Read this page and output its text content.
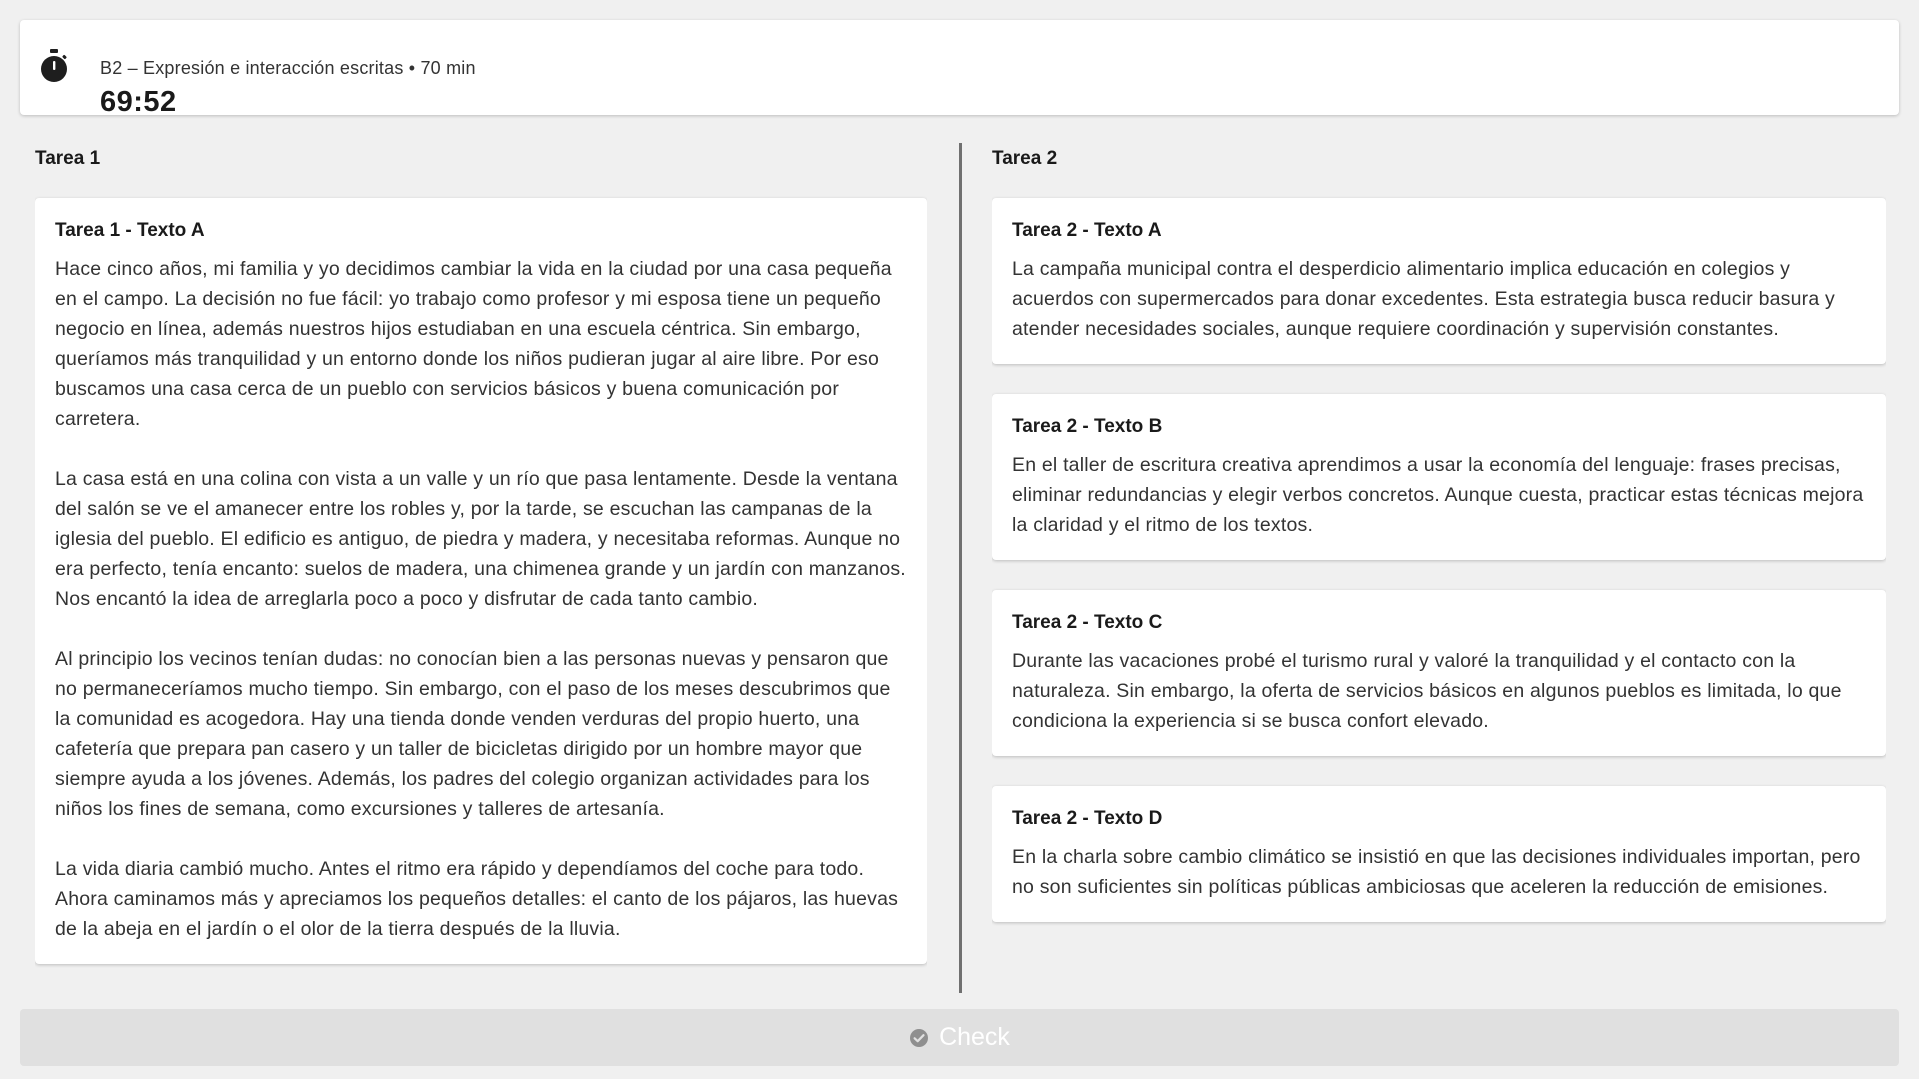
B2 – Expresión e interacción escritas • 70 min
69:52
Tarea 1
Tarea 1 - Texto A

Hace cinco años, mi familia y yo decidimos cambiar la vida en la ciudad por una casa pequeña en el campo. La decisión no fue fácil: yo trabajo como profesor y mi esposa tiene un pequeño negocio en línea, además nuestros hijos estudiaban en una escuela céntrica. Sin embargo, queríamos más tranquilidad y un entorno donde los niños pudieran jugar al aire libre. Por eso buscamos una casa cerca de un pueblo con servicios básicos y buena comunicación por carretera.

La casa está en una colina con vista a un valle y un río que pasa lentamente. Desde la ventana del salón se ve el amanecer entre los robles y, por la tarde, se escuchan las campanas de la iglesia del pueblo. El edificio es antiguo, de piedra y madera, y necesitaba reformas. Aunque no era perfecto, tenía encanto: suelos de madera, una chimenea grande y un jardín con manzanos. Nos encantó la idea de arreglarla poco a poco y disfrutar de cada tanto cambio.

Al principio los vecinos tenían dudas: no conocían bien a las personas nuevas y pensaron que no permaneceríamos mucho tiempo. Sin embargo, con el paso de los meses descubrimos que la comunidad es acogedora. Hay una tienda donde venden verduras del propio huerto, una cafetería que prepara pan casero y un taller de bicicletas dirigido por un hombre mayor que siempre ayuda a los jóvenes. Además, los padres del colegio organizan actividades para los niños los fines de semana, como excursiones y talleres de artesanía.

La vida diaria cambió mucho. Antes el ritmo era rápido y dependíamos del coche para todo. Ahora caminamos más y apreciamos los pequeños detalles: el canto de los pájaros, las huevas de la abeja en el jardín o el olor de la tierra después de la lluvia.

Tarea 2
Tarea 2 - Texto A

La campaña municipal contra el desperdicio alimentario implica educación en colegios y acuerdos con supermercados para donar excedentes. Esta estrategia busca reducir basura y atender necesidades sociales, aunque requiere coordinación y supervisión constantes.

Tarea 2 - Texto B

En el taller de escritura creativa aprendimos a usar la economía del lenguaje: frases precisas, eliminar redundancias y elegir verbos concretos. Aunque cuesta, practicar estas técnicas mejora la claridad y el ritmo de los textos.

Tarea 2 - Texto C

Durante las vacaciones probé el turismo rural y valoré la tranquilidad y el contacto con la naturaleza. Sin embargo, la oferta de servicios básicos en algunos pueblos es limitada, lo que condiciona la experiencia si se busca confort elevado.

Tarea 2 - Texto D

En la charla sobre cambio climático se insistió en que las decisiones individuales importan, pero no son suficientes sin políticas públicas ambiciosas que aceleren la reducción de emisiones.

Check
